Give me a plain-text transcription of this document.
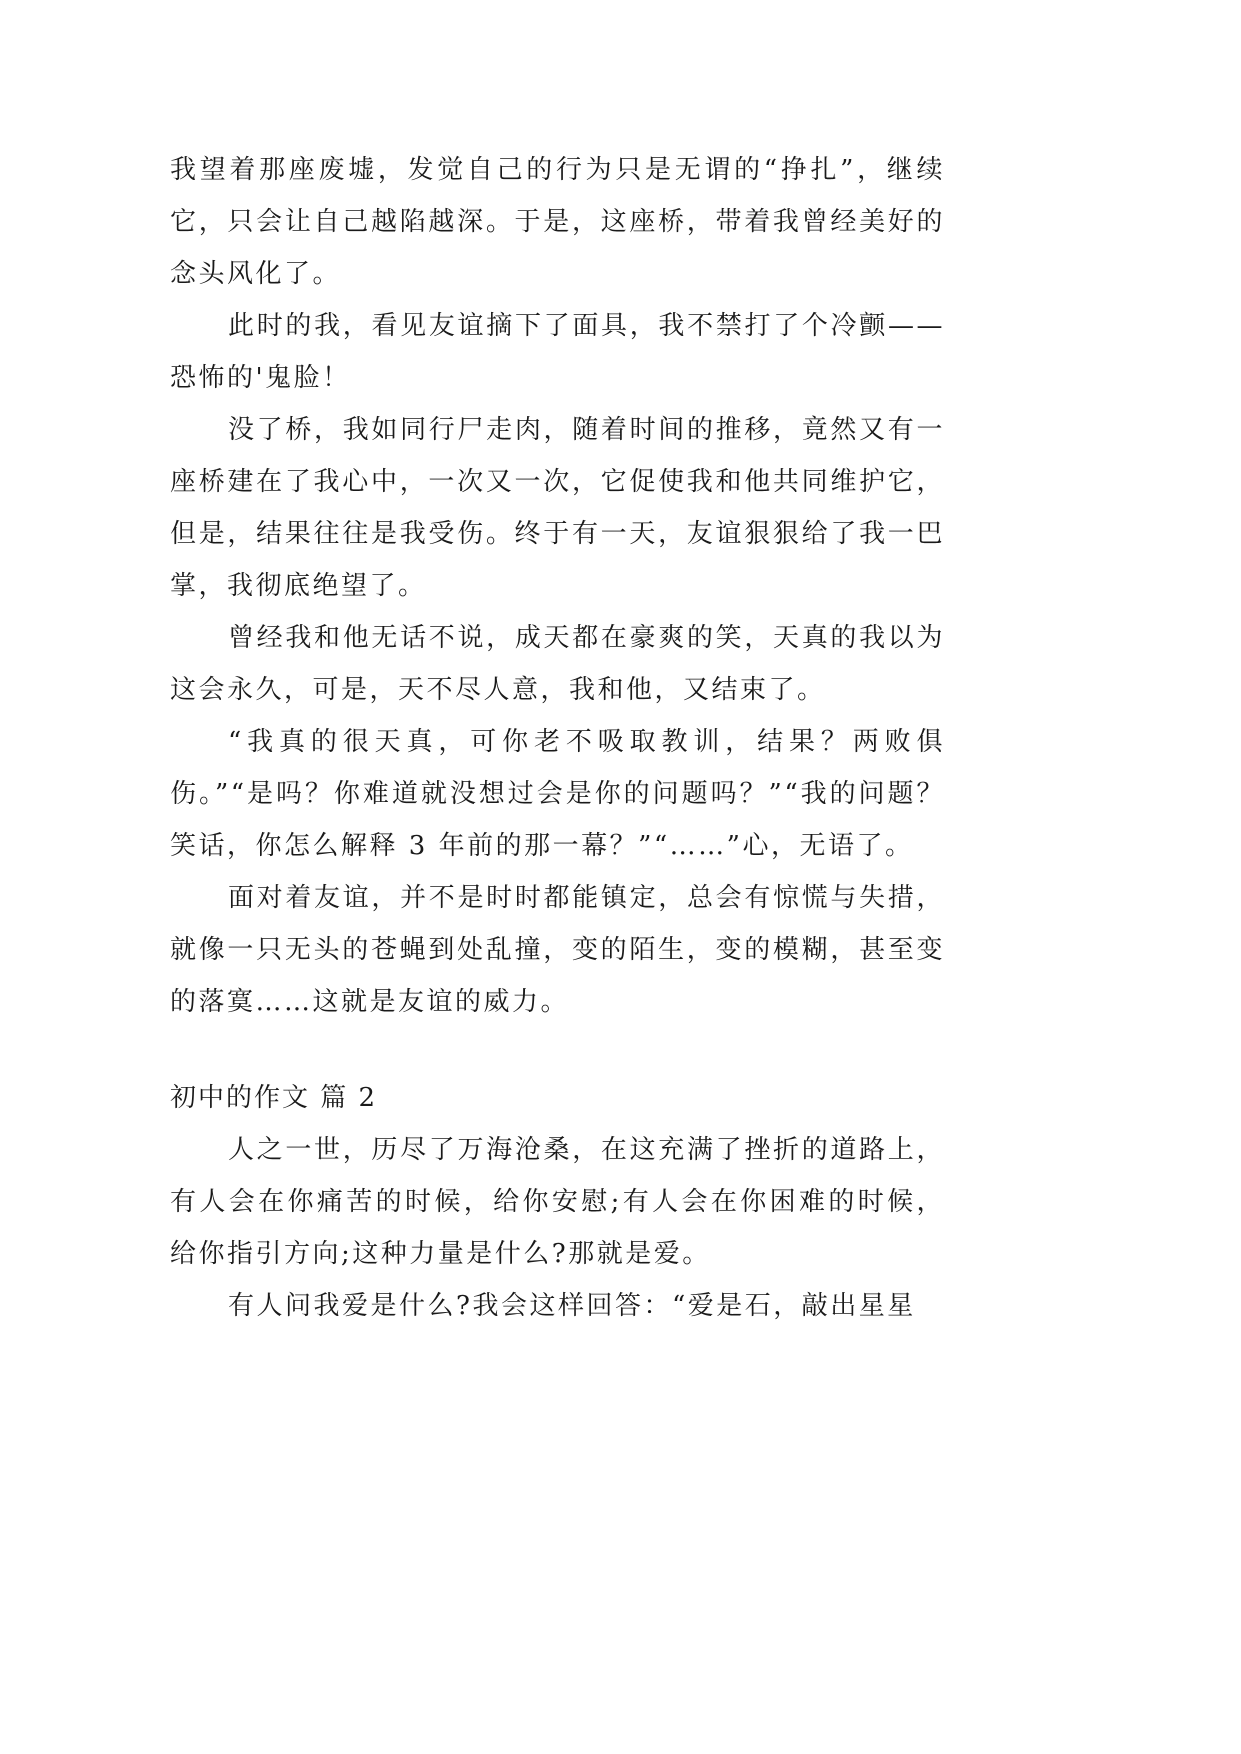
我望着那座废墟，发觉自己的行为只是无谓的“挣扎”，继续它，只会让自己越陷越深。于是，这座桥，带着我曾经美好的念头风化了。

此时的我，看见友谊摘下了面具，我不禁打了个冷颤——恐怖的'鬼脸！

没了桥，我如同行尸走肉，随着时间的推移，竟然又有一座桥建在了我心中，一次又一次，它促使我和他共同维护它，但是，结果往往是我受伤。终于有一天，友谊狠狠给了我一巴掌，我彻底绝望了。

曾经我和他无话不说，成天都在豪爽的笑，天真的我以为这会永久，可是，天不尽人意，我和他，又结束了。

“我真的很天真，可你老不吸取教训，结果？两败俱伤。”“是吗？你难道就没想过会是你的问题吗？”“我的问题？笑话，你怎么解释 3 年前的那一幕？”“……”心，无语了。

面对着友谊，并不是时时都能镇定，总会有惊慌与失措，就像一只无头的苍蝇到处乱撞，变的陌生，变的模糊，甚至变的落寞……这就是友谊的威力。

初中的作文 篇 2

人之一世，历尽了万海沧桑，在这充满了挫折的道路上，有人会在你痛苦的时候，给你安慰;有人会在你困难的时候，给你指引方向;这种力量是什么?那就是爱。

有人问我爱是什么?我会这样回答：“爱是石，敲出星星
